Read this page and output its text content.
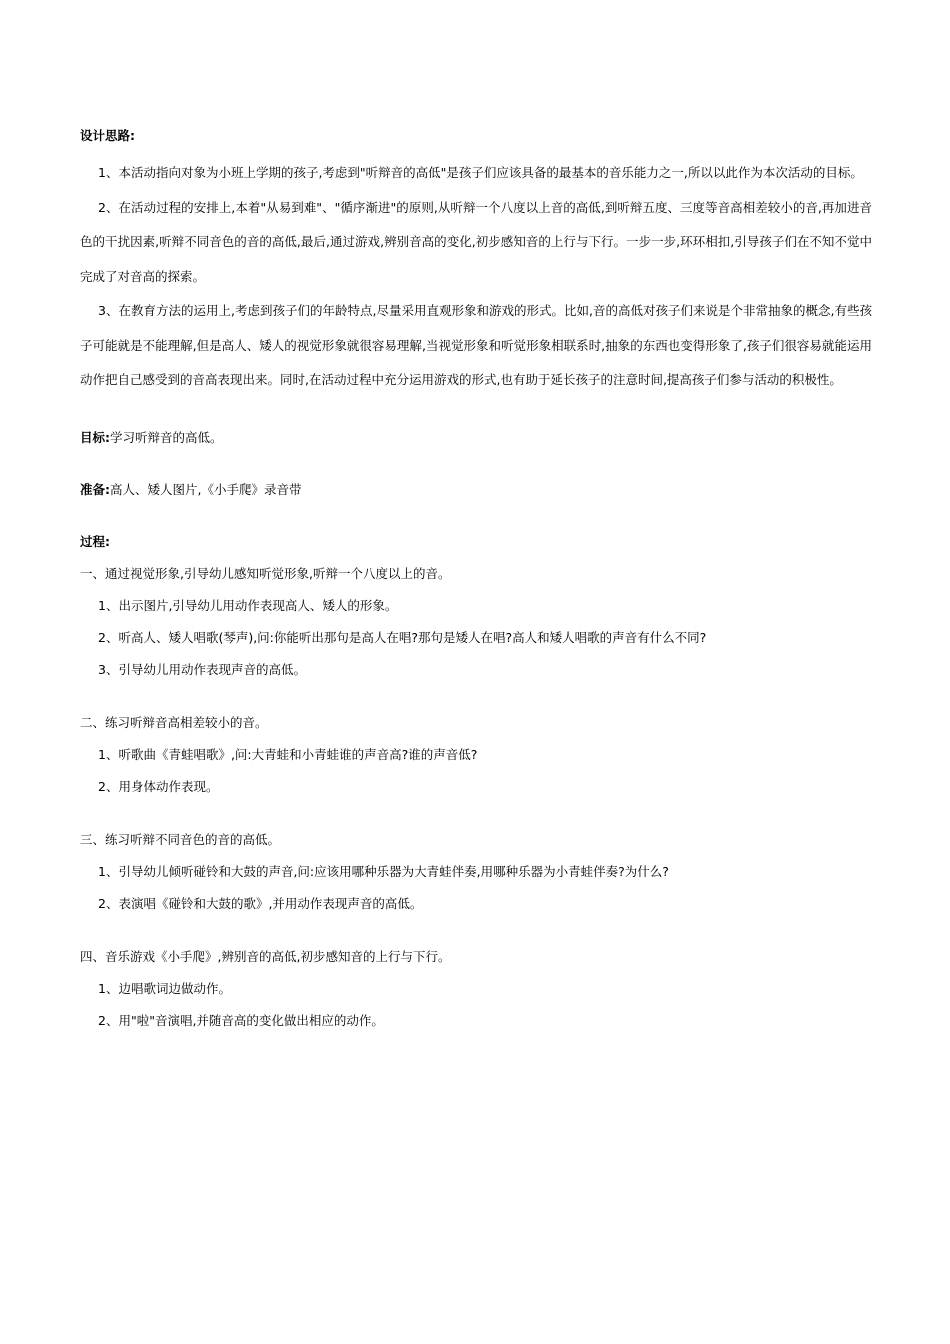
设计思路:

1、本活动指向对象为小班上学期的孩子,考虑到"听辩音的高低"是孩子们应该具备的最基本的音乐能力之一,所以以此作为本次活动的目标。

2、在活动过程的安排上,本着"从易到难"、"循序渐进"的原则,从听辩一个八度以上音的高低,到听辩五度、三度等音高相差较小的音,再加进音色的干扰因素,听辩不同音色的音的高低,最后,通过游戏,辨别音高的变化,初步感知音的上行与下行。一步一步,环环相扣,引导孩子们在不知不觉中完成了对音高的探索。

3、在教育方法的运用上,考虑到孩子们的年龄特点,尽量采用直观形象和游戏的形式。比如,音的高低对孩子们来说是个非常抽象的概念,有些孩子可能就是不能理解,但是高人、矮人的视觉形象就很容易理解,当视觉形象和听觉形象相联系时,抽象的东西也变得形象了,孩子们很容易就能运用动作把自己感受到的音高表现出来。同时,在活动过程中充分运用游戏的形式,也有助于延长孩子的注意时间,提高孩子们参与活动的积极性。

目标:学习听辩音的高低。

准备:高人、矮人图片,《小手爬》录音带

过程:

一、通过视觉形象,引导幼儿感知听觉形象,听辩一个八度以上的音。

1、出示图片,引导幼儿用动作表现高人、矮人的形象。

2、听高人、矮人唱歌(琴声),问:你能听出那句是高人在唱?那句是矮人在唱?高人和矮人唱歌的声音有什么不同?

3、引导幼儿用动作表现声音的高低。

二、练习听辩音高相差较小的音。

1、听歌曲《青蛙唱歌》,问:大青蛙和小青蛙谁的声音高?谁的声音低?

2、用身体动作表现。

三、练习听辩不同音色的音的高低。

1、引导幼儿倾听碰铃和大鼓的声音,问:应该用哪种乐器为大青蛙伴奏,用哪种乐器为小青蛙伴奏?为什么?

2、表演唱《碰铃和大鼓的歌》,并用动作表现声音的高低。

四、音乐游戏《小手爬》,辨别音的高低,初步感知音的上行与下行。

1、边唱歌词边做动作。

2、用"啦"音演唱,并随音高的变化做出相应的动作。
